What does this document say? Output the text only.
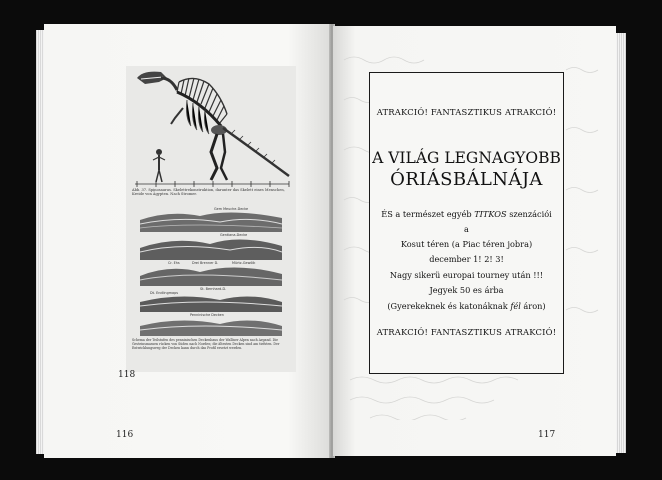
Abb. 37. Spinosaurus. Skelettrekonstruktion, darunter das Skelett eines Menschen, Kreide von Ägypten. Nach Stromer.
Gem Meuche-Decke
Gentiana-Decke
Cr. Ehs	Drei Brenner D.	Mürtz-Gewölk
St. Bernhard-D.
Dt. Endlingmaps
Penninische Decken
Schema der Teilstufen des penninischen Deckenbaus der Walliser Alpen nach Argand. Die Gesteinsmassen rücken von Süden nach Norden; die ältesten Decken sind am tiefsten. Der Entwicklungsweg der Decken kann durch das Profil ersetzt werden.
118
116
ATRAKCIÓ! FANTASZTIKUS ATRAKCIÓ!
A VILÁG LEGNAGYOBB
ÓRIÁSBÁLNÁJA
ÉS a természet egyéb TITKOS szenzációi
a
Kosut téren (a Piac téren jobra)
december 1! 2! 3!
Nagy sikerü europai tourney után !!!
Jegyek 50 es árba
(Gyerekeknek és katonáknak fél áron)
ATRAKCIÓ! FANTASZTIKUS ATRAKCIÓ!
117
